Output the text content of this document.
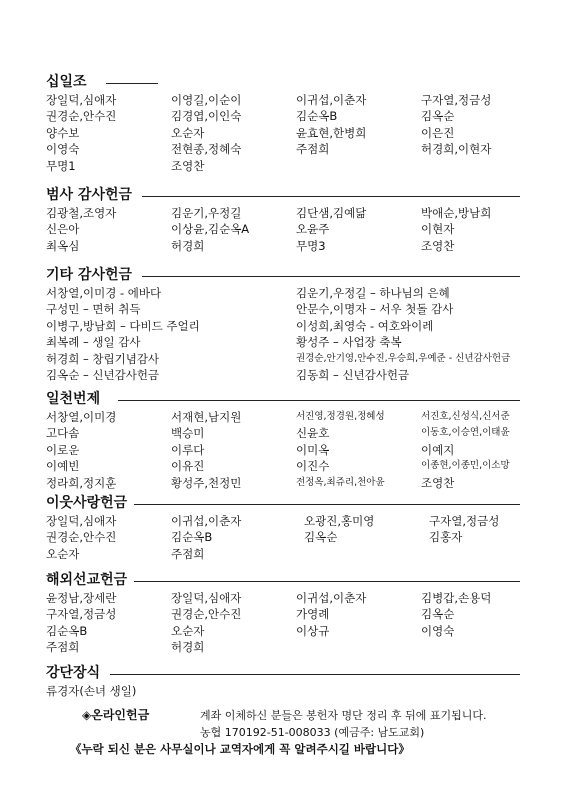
십일조
장일덕,심애자	이영길,이순이	이귀섭,이춘자	구자열,정금성
권경순,안수진	김경엽,이인숙	김순옥B	김옥순
양수보	오순자	윤효현,한병희	이은진
이영숙	전현종,정혜숙	주점희	허경희,이현자
무명1	조영찬
범사 감사헌금
김광철,조영자	김운기,우정길	김단샘,김예닮	박애순,방남희
신은아	이상윤,김순옥A	오윤주	이현자
최옥심	허경희	무명3	조영찬
기타 감사헌금
서창열,이미경 - 에바다	김운기,우정길 – 하나님의 은혜
구성민 – 면허 취득	안문수,이명자 – 서우 첫돌 감사
이병구,방남희 – 다비드 주얼리	이성희,최영숙 - 여호와이레
최복례 – 생일 감사	황성주 – 사업장 축복
허경희 – 창립기념감사	권경순,안기영,안수진,우승희,우예준 - 신년감사헌금
김옥순 – 신년감사헌금	김동희 – 신년감사헌금
일천번제
서창열,이미경	서재현,남지원	서진영,정경원,정혜성	서진호,신성식,신서준
고다솜	백승미	신윤호	이동호,이승연,이태윤
이로운	이루다	이미옥	이예지
이예빈	이유진	이진수	이종현,이종민,이소망
정라희,정지훈	황성주,천정민	전정옥,최쥬리,천아윤	조영찬
이웃사랑헌금
장일덕,심애자	이귀섭,이춘자	오광진,홍미영	구자열,정금성
권경순,안수진	김순옥B	김옥순	김홍자
오순자	주점희
해외선교헌금
윤정남,장세란	장일덕,심애자	이귀섭,이춘자	김병갑,손용덕
구자열,정금성	권경순,안수진	가영례	김옥순
김순옥B	오순자	이상규	이영숙
주점희	허경희
강단장식
류경자(손녀 생일)
◈온라인헌금	계좌 이체하신 분들은 봉헌자 명단 정리 후 뒤에 표기됩니다.
농협 170192-51-008033 (예금주: 남도교회)
《누락 되신 분은 사무실이나 교역자에게 꼭 알려주시길 바랍니다》
